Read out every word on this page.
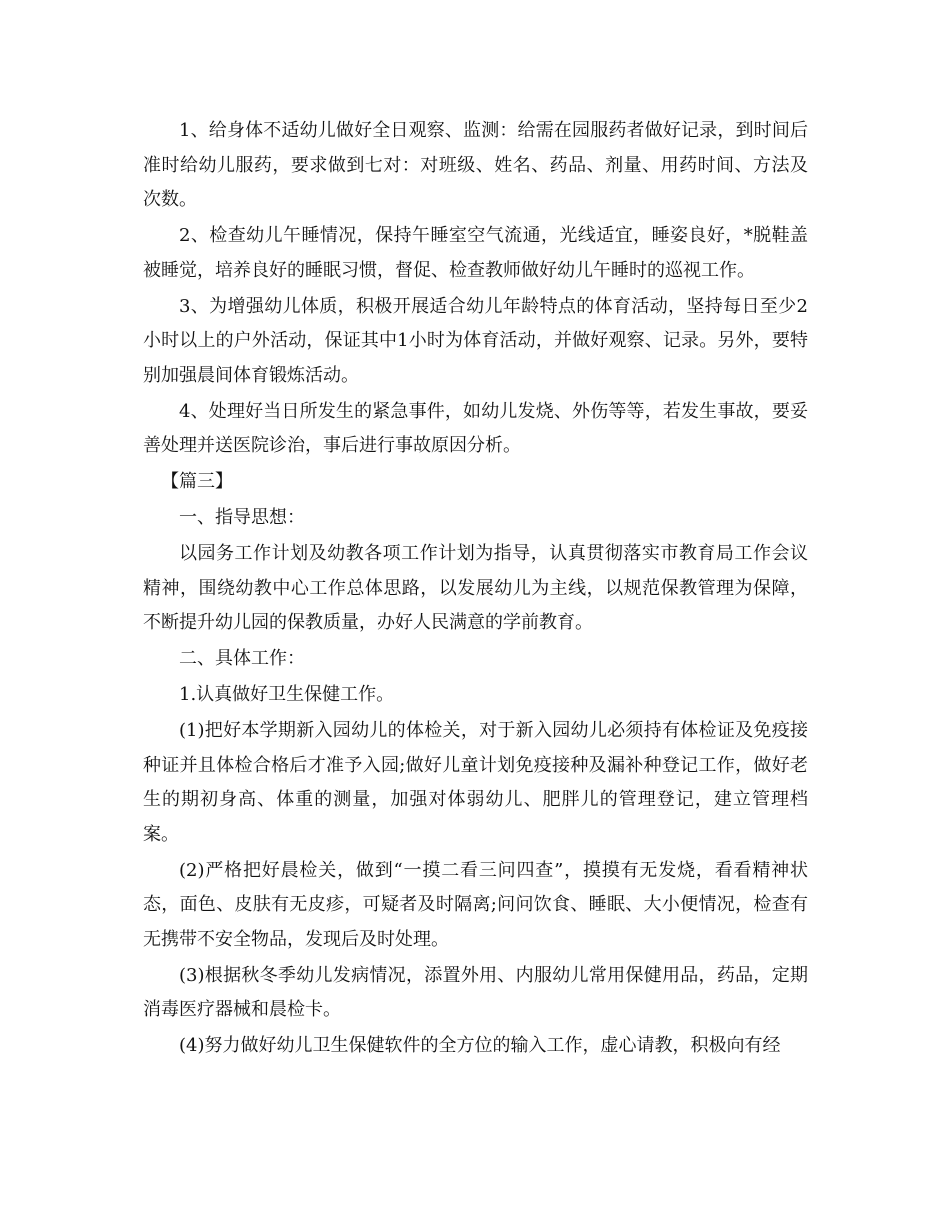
1、给身体不适幼儿做好全日观察、监测：给需在园服药者做好记录，到时间后准时给幼儿服药，要求做到七对：对班级、姓名、药品、剂量、用药时间、方法及次数。

2、检查幼儿午睡情况，保持午睡室空气流通，光线适宜，睡姿良好，*脱鞋盖被睡觉，培养良好的睡眠习惯，督促、检查教师做好幼儿午睡时的巡视工作。

3、为增强幼儿体质，积极开展适合幼儿年龄特点的体育活动，坚持每日至少2小时以上的户外活动，保证其中1小时为体育活动，并做好观察、记录。另外，要特别加强晨间体育锻炼活动。

4、处理好当日所发生的紧急事件，如幼儿发烧、外伤等等，若发生事故，要妥善处理并送医院诊治，事后进行事故原因分析。

【篇三】

一、指导思想：

以园务工作计划及幼教各项工作计划为指导，认真贯彻落实市教育局工作会议精神，围绕幼教中心工作总体思路，以发展幼儿为主线，以规范保教管理为保障，不断提升幼儿园的保教质量，办好人民满意的学前教育。

二、具体工作：

1.认真做好卫生保健工作。

(1)把好本学期新入园幼儿的体检关，对于新入园幼儿必须持有体检证及免疫接种证并且体检合格后才准予入园;做好儿童计划免疫接种及漏补种登记工作，做好老生的期初身高、体重的测量，加强对体弱幼儿、肥胖儿的管理登记，建立管理档案。

(2)严格把好晨检关，做到“一摸二看三问四查”，摸摸有无发烧，看看精神状态，面色、皮肤有无皮疹，可疑者及时隔离;问问饮食、睡眠、大小便情况，检查有无携带不安全物品，发现后及时处理。

(3)根据秋冬季幼儿发病情况，添置外用、内服幼儿常用保健用品，药品，定期消毒医疗器械和晨检卡。

(4)努力做好幼儿卫生保健软件的全方位的输入工作，虚心请教，积极向有经
